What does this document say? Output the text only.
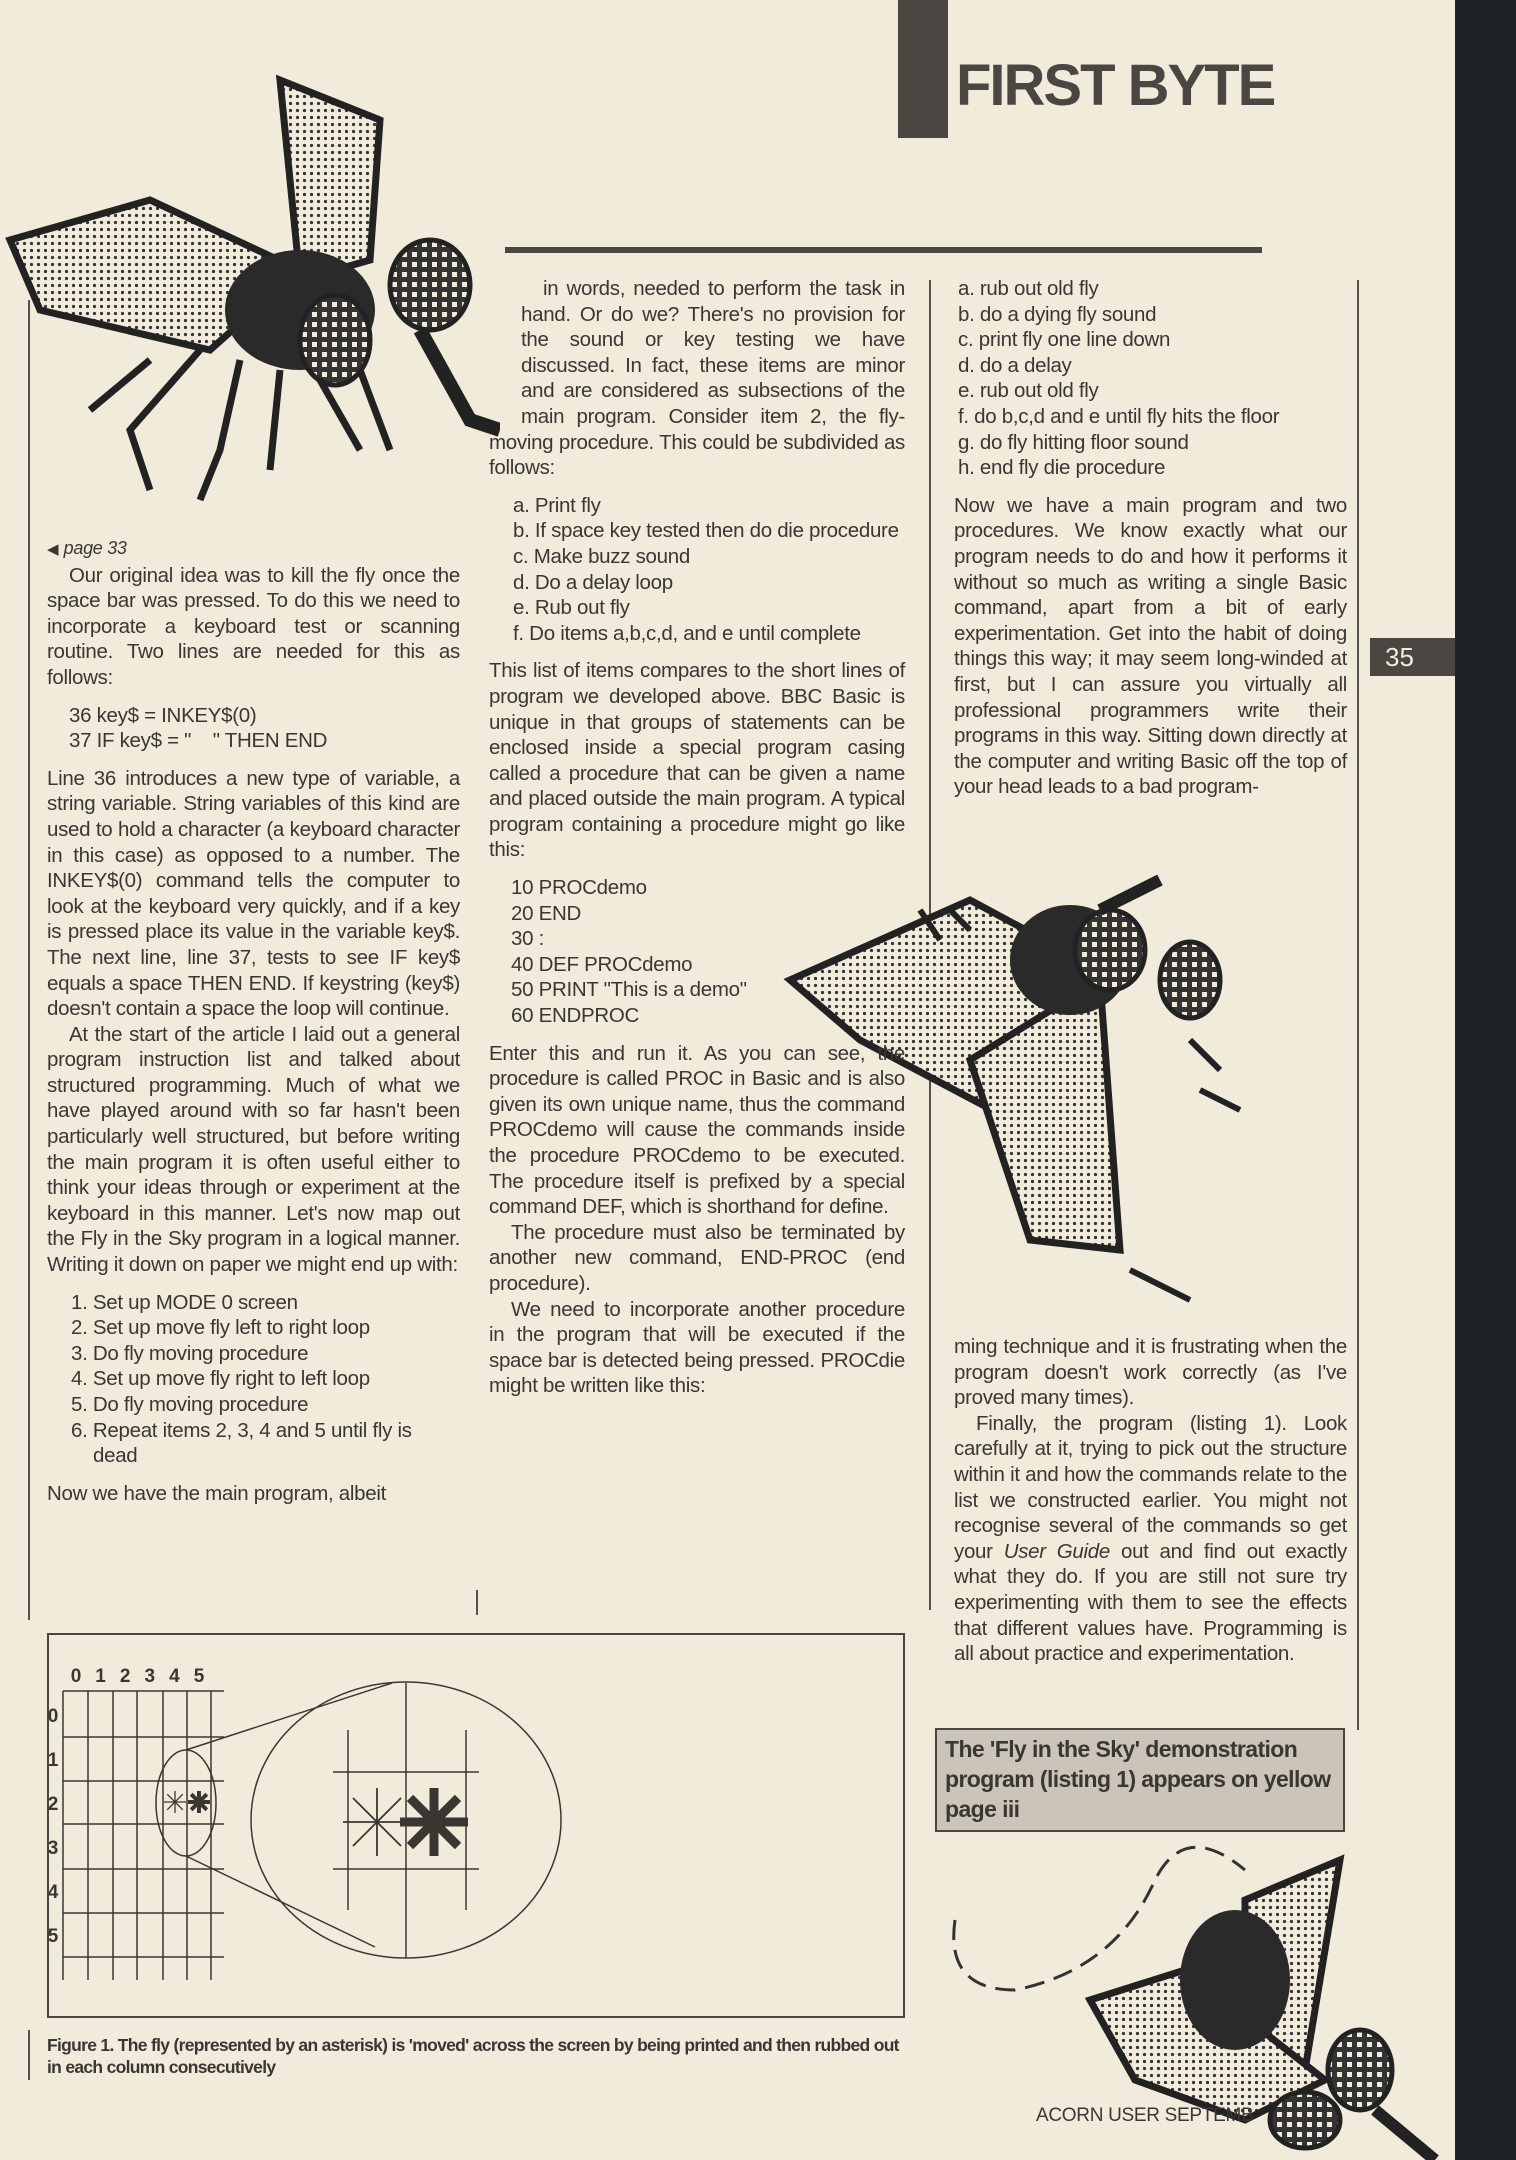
FIRST BYTE
35
◀ page 33

Our original idea was to kill the fly once the space bar was pressed. To do this we need to incorporate a keyboard test or scanning routine. Two lines are needed for this as follows:

36 key$ = INKEY$(0)
37 IF key$ = "    " THEN END

Line 36 introduces a new type of variable, a string variable. String variables of this kind are used to hold a character (a keyboard character in this case) as opposed to a number. The INKEY$(0) command tells the computer to look at the keyboard very quickly, and if a key is pressed place its value in the variable key$. The next line, line 37, tests to see IF key$ equals a space THEN END. If keystring (key$) doesn't contain a space the loop will continue.

At the start of the article I laid out a general program instruction list and talked about structured programming. Much of what we have played around with so far hasn't been particularly well structured, but before writing the main program it is often useful either to think your ideas through or experiment at the keyboard in this manner. Let's now map out the Fly in the Sky program in a logical manner. Writing it down on paper we might end up with:

1. Set up MODE 0 screen
2. Set up move fly left to right loop
3. Do fly moving procedure
4. Set up move fly right to left loop
5. Do fly moving procedure
6. Repeat items 2, 3, 4 and 5 until fly is dead

Now we have the main program, albeit

in words, needed to perform the task in hand. Or do we? There's no provision for the sound or key testing we have discussed. In fact, these items are minor and are considered as subsections of the main program. Consider item 2, the fly-moving procedure. This could be subdivided as follows:

a. Print fly
b. If space key tested then do die procedure
c. Make buzz sound
d. Do a delay loop
e. Rub out fly
f. Do items a,b,c,d, and e until complete

This list of items compares to the short lines of program we developed above. BBC Basic is unique in that groups of statements can be enclosed inside a special program casing called a procedure that can be given a name and placed outside the main program. A typical program containing a procedure might go like this:

10 PROCdemo
20 END
30 :
40 DEF PROCdemo
50 PRINT "This is a demo"
60 ENDPROC

Enter this and run it. As you can see, the procedure is called PROC in Basic and is also given its own unique name, thus the command PROCdemo will cause the commands inside the procedure PROCdemo to be executed. The procedure itself is prefixed by a special command DEF, which is shorthand for define.

The procedure must also be terminated by another new command, END-PROC (end procedure).

We need to incorporate another procedure in the program that will be executed if the space bar is detected being pressed. PROCdie might be written like this:

a. rub out old fly
b. do a dying fly sound
c. print fly one line down
d. do a delay
e. rub out old fly
f. do b,c,d and e until fly hits the floor
g. do fly hitting floor sound
h. end fly die procedure

Now we have a main program and two procedures. We know exactly what our program needs to do and how it performs it without so much as writing a single Basic command, apart from a bit of early experimentation. Get into the habit of doing things this way; it may seem long-winded at first, but I can assure you virtually all professional programmers write their programs in this way. Sitting down directly at the computer and writing Basic off the top of your head leads to a bad program-

ming technique and it is frustrating when the program doesn't work correctly (as I've proved many times).

Finally, the program (listing 1). Look carefully at it, trying to pick out the structure within it and how the commands relate to the list we constructed earlier. You might not recognise several of the commands so get your User Guide out and find out exactly what they do. If you are still not sure try experimenting with them to see the effects that different values have. Programming is all about practice and experimentation.

The 'Fly in the Sky' demonstration program (listing 1) appears on yellow page iii
0 1 2 3 4 5
0
1
2
3
4
5
Figure 1. The fly (represented by an asterisk) is 'moved' across the screen by being printed and then rubbed out in each column consecutively
ACORN USER SEPTEMB
